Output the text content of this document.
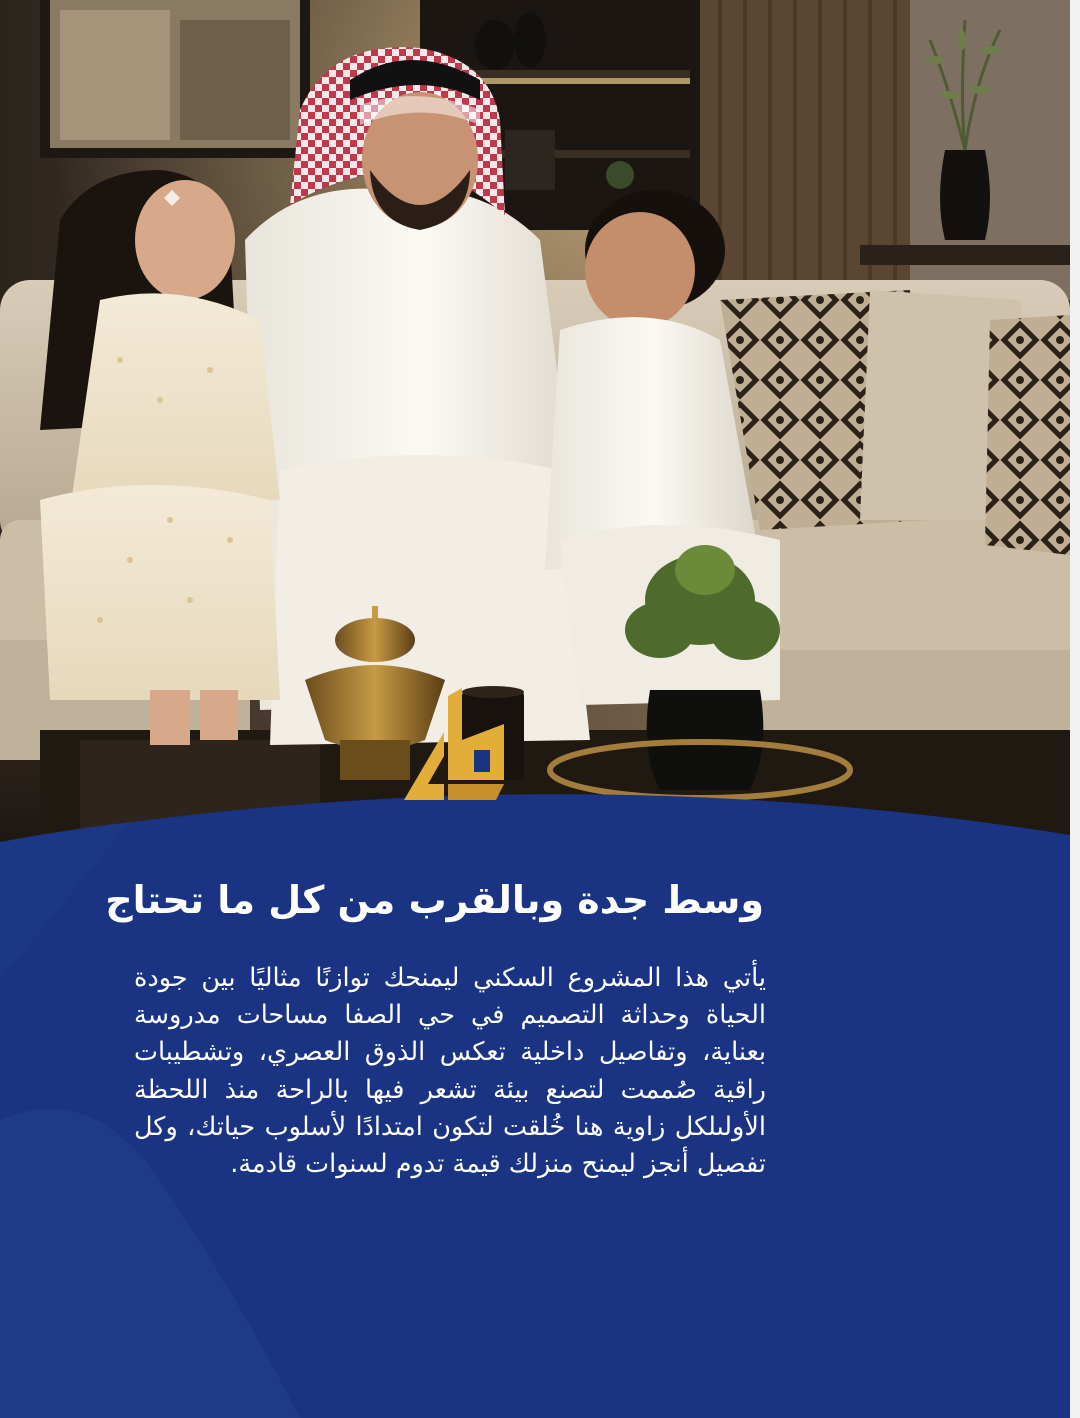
وسط جدة وبالقرب من كل ما تحتاج

يأتي هذا المشروع السكني ليمنحك توازنًا مثاليًا بين جودة الحياة وحداثة التصميم في حي الصفا مساحات مدروسة بعناية، وتفاصيل داخلية تعكس الذوق العصري، وتشطيبات راقية صُممت لتصنع بيئة تشعر فيها بالراحة منذ اللحظة الأولىلكل زاوية هنا خُلقت لتكون امتدادًا لأسلوب حياتك، وكل تفصيل أنجز ليمنح منزلك قيمة تدوم لسنوات قادمة.
